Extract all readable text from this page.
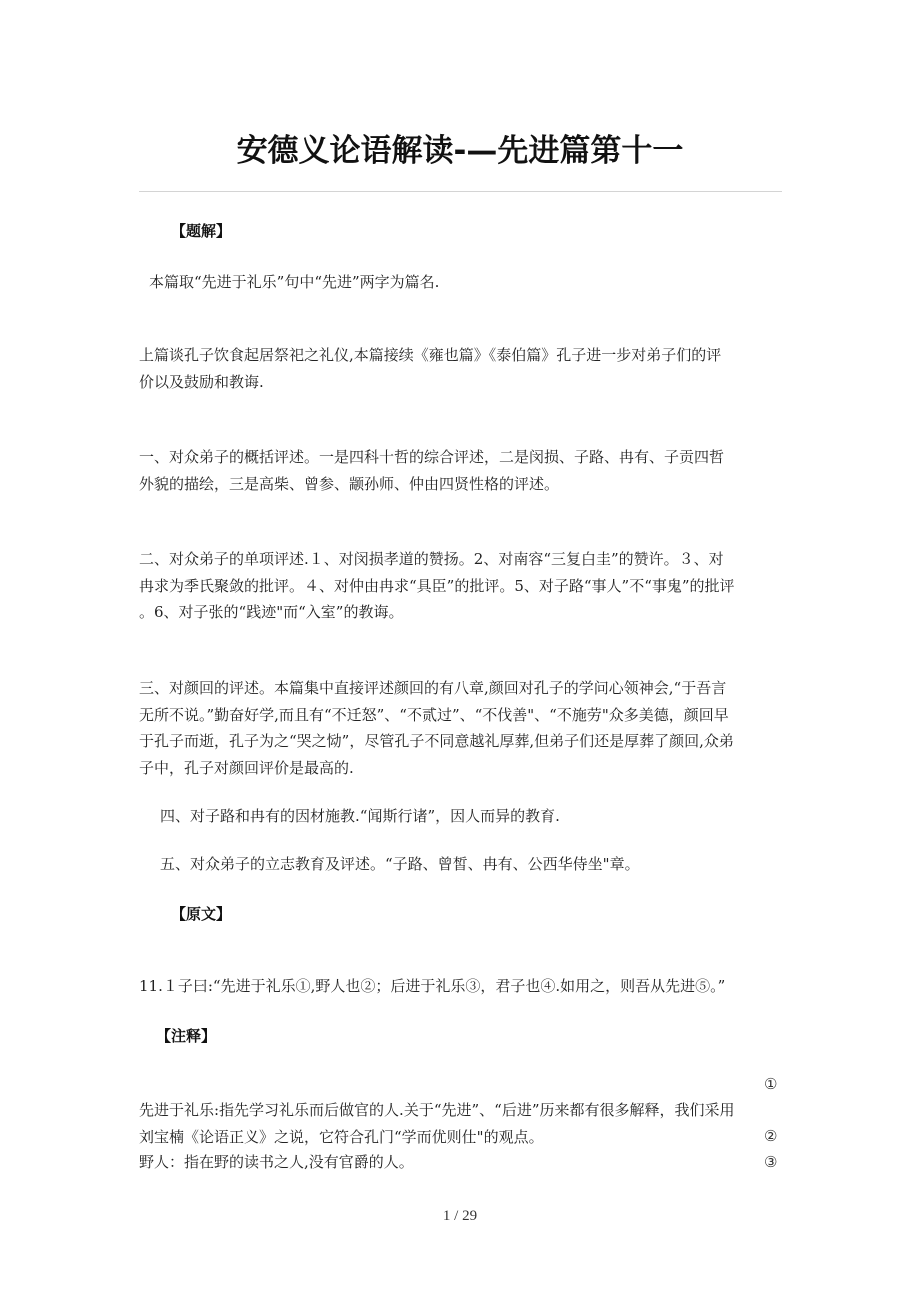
安德义论语解读-—先进篇第十一
【题解】
本篇取“先进于礼乐”句中“先进”两字为篇名.
上篇谈孔子饮食起居祭祀之礼仪,本篇接续《雍也篇》《泰伯篇》孔子进一步对弟子们的评
价以及鼓励和教诲.
一、对众弟子的概括评述。一是四科十哲的综合评述，二是闵损、子路、冉有、子贡四哲
外貌的描绘，三是高柴、曾参、颛孙师、仲由四贤性格的评述。
二、对众弟子的单项评述.１、对闵损孝道的赞扬。2、对南容“三复白圭”的赞许。３、对
冉求为季氏聚敛的批评。４、对仲由冉求“具臣”的批评。5、对子路“事人”不“事鬼”的批评
。6、对子张的“践迹"而“入室”的教诲。
三、对颜回的评述。本篇集中直接评述颜回的有八章,颜回对孔子的学问心领神会,“于吾言
无所不说。”勤奋好学,而且有“不迁怒”、“不贰过”、“不伐善"、“不施劳"众多美德，颜回早
于孔子而逝，孔子为之“哭之恸”，尽管孔子不同意越礼厚葬,但弟子们还是厚葬了颜回,众弟
子中，孔子对颜回评价是最高的.
四、对子路和冉有的因材施教.“闻斯行诸”，因人而异的教育.
五、对众弟子的立志教育及评述。“子路、曾皙、冉有、公西华侍坐"章。
【原文】
11.１子曰:“先进于礼乐①,野人也②；后进于礼乐③，君子也④.如用之，则吾从先进⑤。”
【注释】
①
先进于礼乐:指先学习礼乐而后做官的人.关于“先进”、“后进”历来都有很多解释，我们采用
刘宝楠《论语正义》之说，它符合孔门“学而优则仕"的观点。	②
野人：指在野的读书之人,没有官爵的人。	③
1 / 29
